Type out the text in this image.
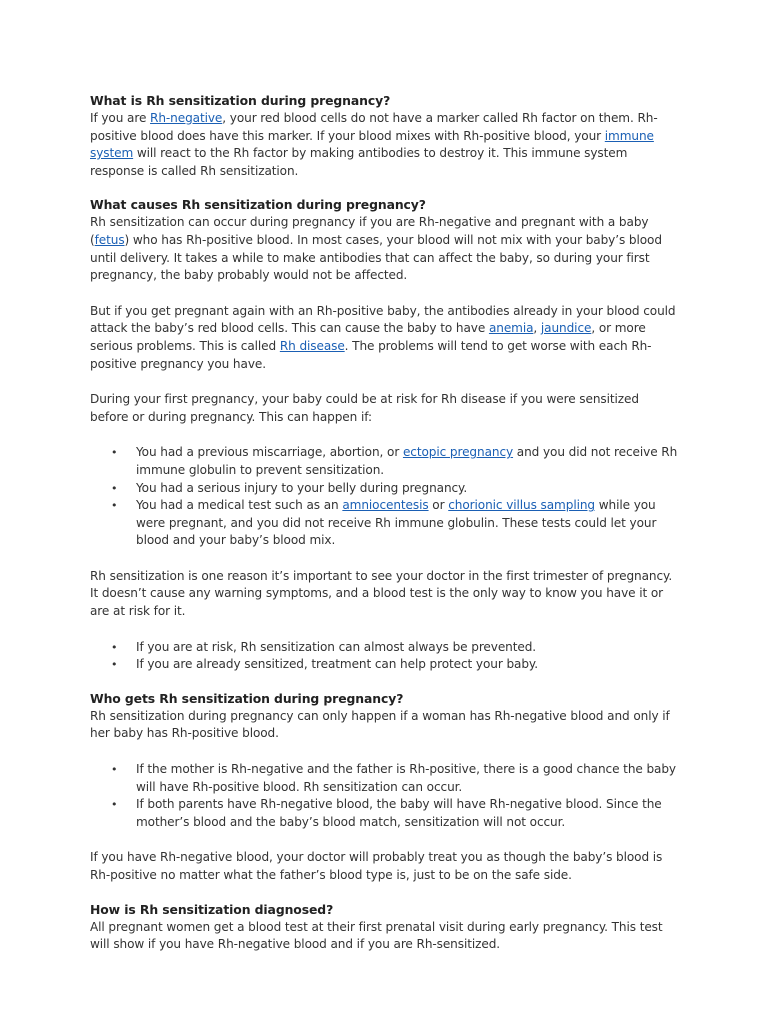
What is Rh sensitization during pregnancy?

If you are Rh-negative, your red blood cells do not have a marker called Rh factor on them. Rh-positive blood does have this marker. If your blood mixes with Rh-positive blood, your immune system will react to the Rh factor by making antibodies to destroy it. This immune system response is called Rh sensitization.

What causes Rh sensitization during pregnancy?

Rh sensitization can occur during pregnancy if you are Rh-negative and pregnant with a baby (fetus) who has Rh-positive blood. In most cases, your blood will not mix with your baby’s blood until delivery. It takes a while to make antibodies that can affect the baby, so during your first pregnancy, the baby probably would not be affected.

But if you get pregnant again with an Rh-positive baby, the antibodies already in your blood could attack the baby’s red blood cells. This can cause the baby to have anemia, jaundice, or more serious problems. This is called Rh disease. The problems will tend to get worse with each Rh-positive pregnancy you have.

During your first pregnancy, your baby could be at risk for Rh disease if you were sensitized before or during pregnancy. This can happen if:

• You had a previous miscarriage, abortion, or ectopic pregnancy and you did not receive Rh immune globulin to prevent sensitization.
• You had a serious injury to your belly during pregnancy.
• You had a medical test such as an amniocentesis or chorionic villus sampling while you were pregnant, and you did not receive Rh immune globulin. These tests could let your blood and your baby’s blood mix.

Rh sensitization is one reason it’s important to see your doctor in the first trimester of pregnancy. It doesn’t cause any warning symptoms, and a blood test is the only way to know you have it or are at risk for it.

• If you are at risk, Rh sensitization can almost always be prevented.
• If you are already sensitized, treatment can help protect your baby.
Who gets Rh sensitization during pregnancy?

Rh sensitization during pregnancy can only happen if a woman has Rh-negative blood and only if her baby has Rh-positive blood.

• If the mother is Rh-negative and the father is Rh-positive, there is a good chance the baby will have Rh-positive blood. Rh sensitization can occur.
• If both parents have Rh-negative blood, the baby will have Rh-negative blood. Since the mother’s blood and the baby’s blood match, sensitization will not occur.

If you have Rh-negative blood, your doctor will probably treat you as though the baby’s blood is Rh-positive no matter what the father’s blood type is, just to be on the safe side.

How is Rh sensitization diagnosed?

All pregnant women get a blood test at their first prenatal visit during early pregnancy. This test will show if you have Rh-negative blood and if you are Rh-sensitized.
